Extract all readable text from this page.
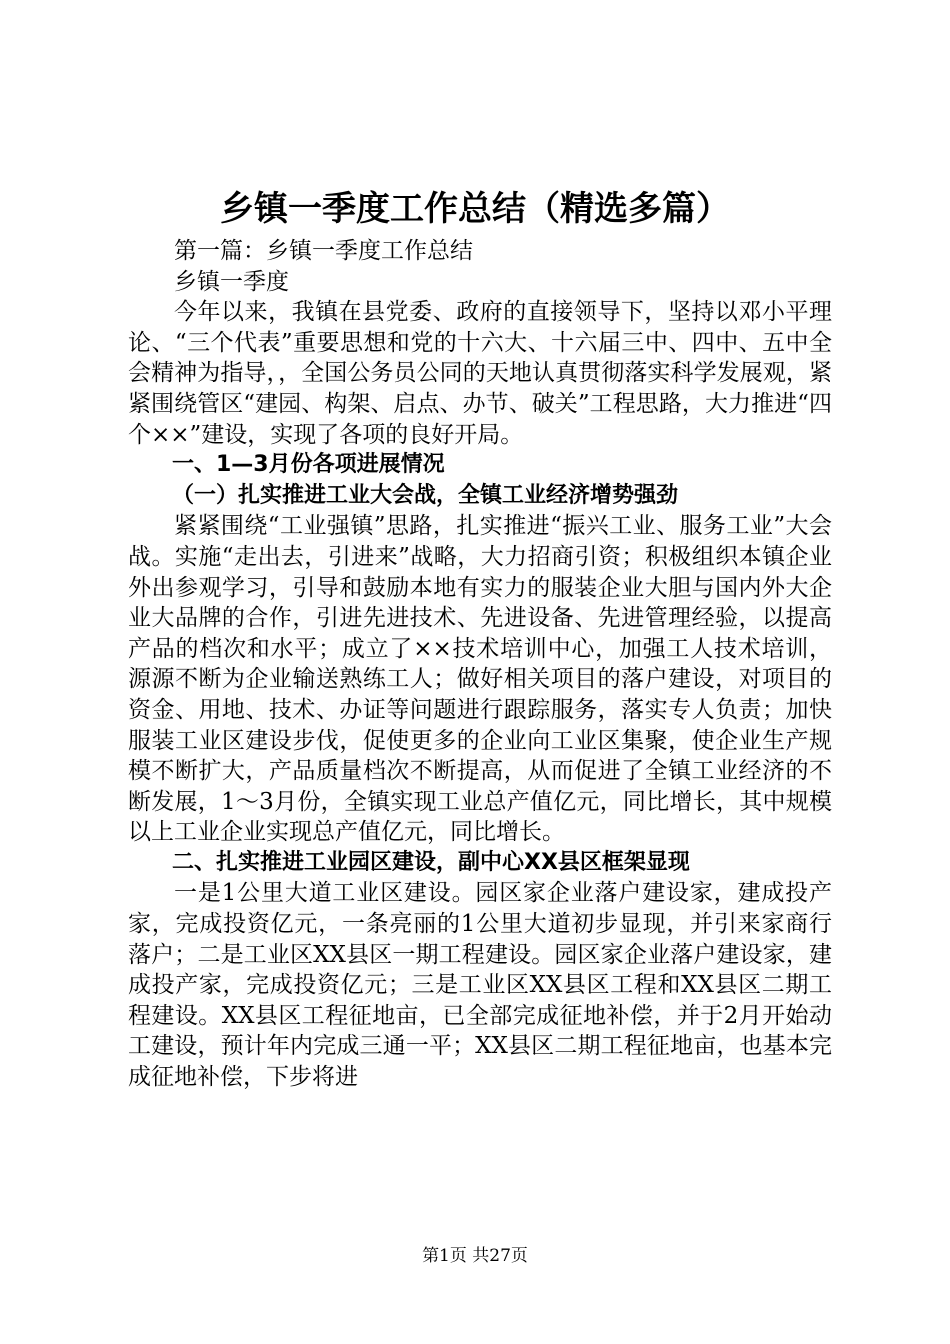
乡镇一季度工作总结（精选多篇）

第一篇：乡镇一季度工作总结

乡镇一季度

今年以来，我镇在县党委、政府的直接领导下，坚持以邓小平理论、“三个代表”重要思想和党的十六大、十六届三中、四中、五中全会精神为指导，，全国公务员公同的天地认真贯彻落实科学发展观，紧紧围绕管区“建园、构架、启点、办节、破关”工程思路，大力推进“四个××”建设，实现了各项的良好开局。

一、1—3月份各项进展情况

（一）扎实推进工业大会战，全镇工业经济增势强劲

紧紧围绕“工业强镇”思路，扎实推进“振兴工业、服务工业”大会战。实施“走出去，引进来”战略，大力招商引资；积极组织本镇企业外出参观学习，引导和鼓励本地有实力的服装企业大胆与国内外大企业大品牌的合作，引进先进技术、先进设备、先进管理经验，以提高产品的档次和水平；成立了××技术培训中心，加强工人技术培训，源源不断为企业输送熟练工人；做好相关项目的落户建设，对项目的资金、用地、技术、办证等问题进行跟踪服务，落实专人负责；加快服装工业区建设步伐，促使更多的企业向工业区集聚，使企业生产规模不断扩大，产品质量档次不断提高，从而促进了全镇工业经济的不断发展，1～3月份，全镇实现工业总产值亿元，同比增长，其中规模以上工业企业实现总产值亿元，同比增长。

二、扎实推进工业园区建设，副中心XX县区框架显现

一是1公里大道工业区建设。园区家企业落户建设家，建成投产家，完成投资亿元，一条亮丽的1公里大道初步显现，并引来家商行落户；二是工业区XX县区一期工程建设。园区家企业落户建设家，建成投产家，完成投资亿元；三是工业区XX县区工程和XX县区二期工程建设。XX县区工程征地亩，已全部完成征地补偿，并于2月开始动工建设，预计年内完成三通一平；XX县区二期工程征地亩，也基本完成征地补偿，下步将进

第1页 共27页
